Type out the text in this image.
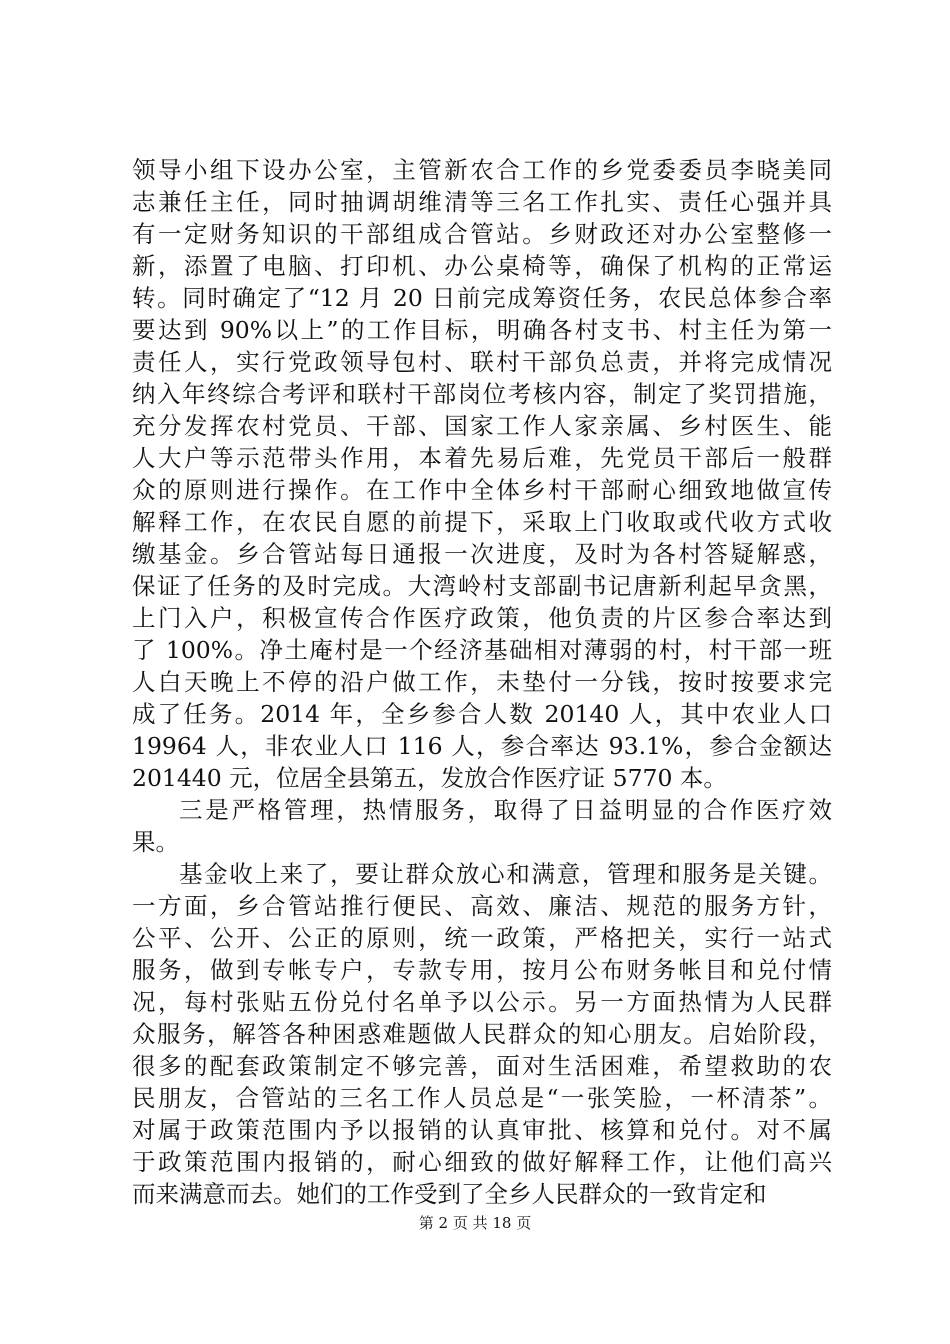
领导小组下设办公室，主管新农合工作的乡党委委员李晓美同
志兼任主任，同时抽调胡维清等三名工作扎实、责任心强并具
有一定财务知识的干部组成合管站。乡财政还对办公室整修一
新，添置了电脑、打印机、办公桌椅等，确保了机构的正常运
转。同时确定了“12 月 20 日前完成筹资任务，农民总体参合率
要达到 90%以上”的工作目标，明确各村支书、村主任为第一
责任人，实行党政领导包村、联村干部负总责，并将完成情况
纳入年终综合考评和联村干部岗位考核内容，制定了奖罚措施，
充分发挥农村党员、干部、国家工作人家亲属、乡村医生、能
人大户等示范带头作用，本着先易后难，先党员干部后一般群
众的原则进行操作。在工作中全体乡村干部耐心细致地做宣传
解释工作，在农民自愿的前提下，采取上门收取或代收方式收
缴基金。乡合管站每日通报一次进度，及时为各村答疑解惑，
保证了任务的及时完成。大湾岭村支部副书记唐新利起早贪黑，
上门入户，积极宣传合作医疗政策，他负责的片区参合率达到
了 100%。净土庵村是一个经济基础相对薄弱的村，村干部一班
人白天晚上不停的沿户做工作，未垫付一分钱，按时按要求完
成了任务。2014 年，全乡参合人数 20140 人，其中农业人口
19964 人，非农业人口 116 人，参合率达 93.1%，参合金额达
201440 元，位居全县第五，发放合作医疗证 5770 本。
三是严格管理，热情服务，取得了日益明显的合作医疗效
果。
基金收上来了，要让群众放心和满意，管理和服务是关键。
一方面，乡合管站推行便民、高效、廉洁、规范的服务方针，
公平、公开、公正的原则，统一政策，严格把关，实行一站式
服务，做到专帐专户，专款专用，按月公布财务帐目和兑付情
况，每村张贴五份兑付名单予以公示。另一方面热情为人民群
众服务，解答各种困惑难题做人民群众的知心朋友。启始阶段，
很多的配套政策制定不够完善，面对生活困难，希望救助的农
民朋友，合管站的三名工作人员总是“一张笑脸，一杯清茶”。
对属于政策范围内予以报销的认真审批、核算和兑付。对不属
于政策范围内报销的，耐心细致的做好解释工作，让他们高兴
而来满意而去。她们的工作受到了全乡人民群众的一致肯定和
第 2 页 共 18 页
